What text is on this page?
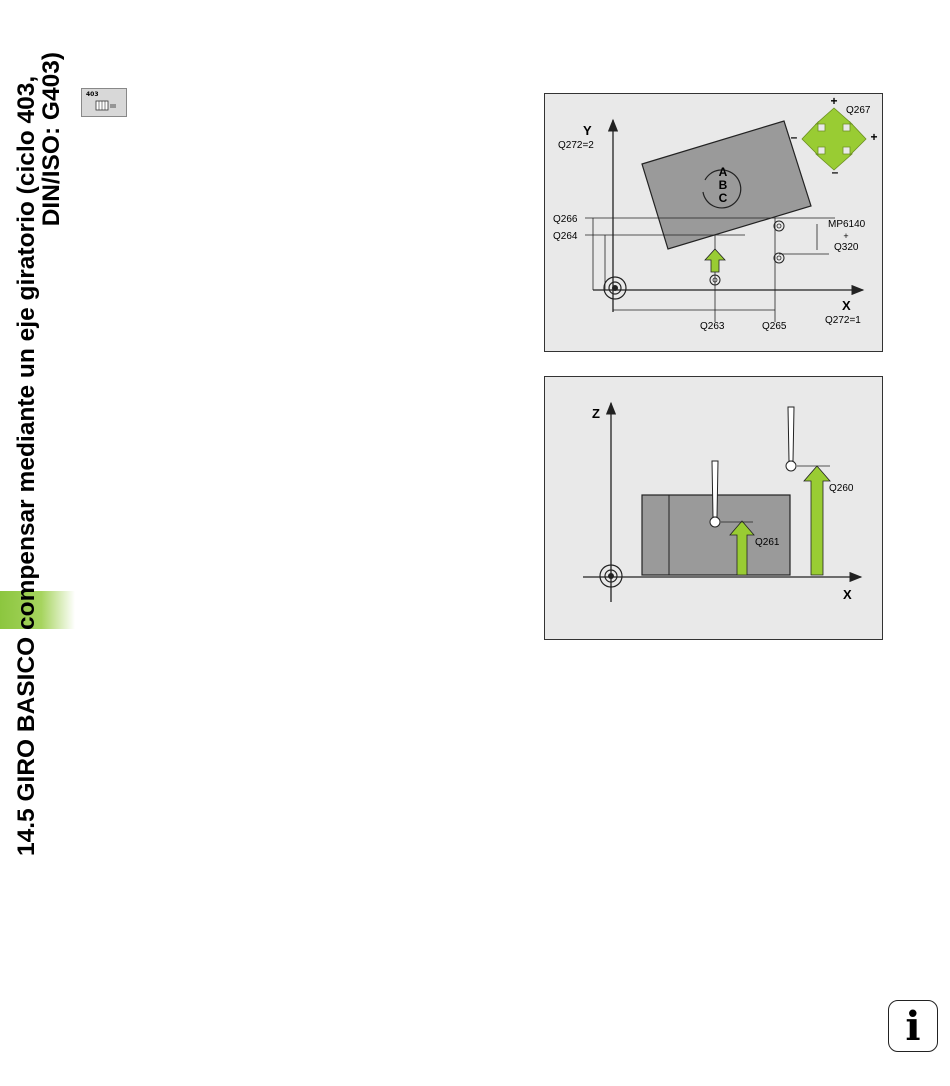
14.5 GIRO BASICO compensar mediante un eje giratorio (ciclo 403,
DIN/ISO: G403)	403
A
B
C
Y
Q272=2
X
Q272=1
Q266
Q264
Q263	Q265
MP6140
+
Q320
+
–
–	+
Q267
Z
X
Q261
Q260
i
